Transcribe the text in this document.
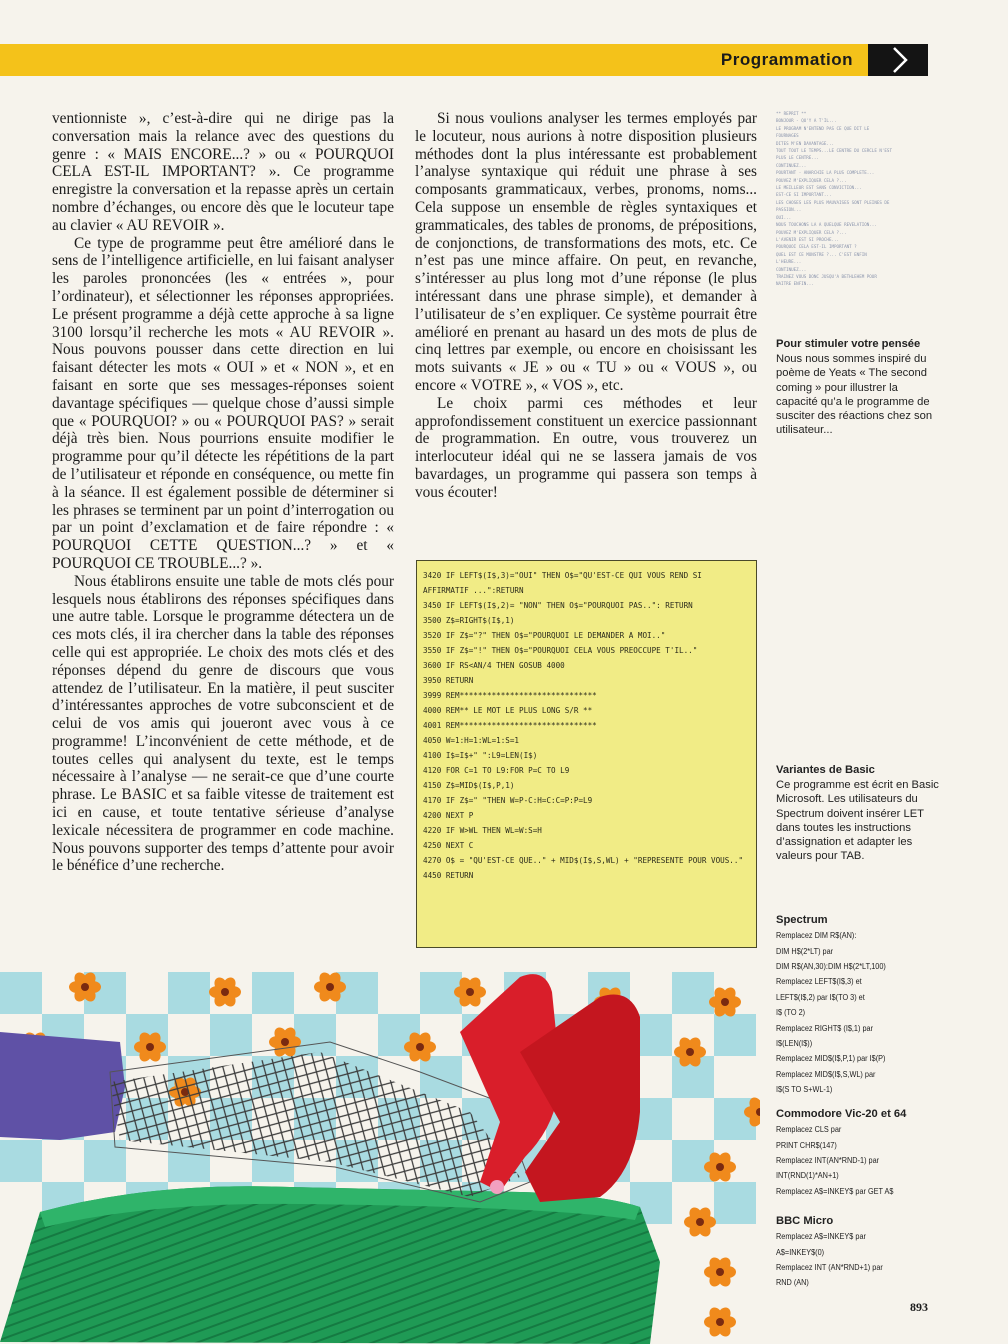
Programmation

ventionniste », c’est-à-dire qui ne dirige pas la conversation mais la relance avec des questions du genre : « MAIS ENCORE...? » ou « POURQUOI CELA EST-IL IMPORTANT? ». Ce programme enregistre la conversation et la repasse après un certain nombre d’échanges, ou encore dès que le locuteur tape au clavier « AU REVOIR ».

Ce type de programme peut être amélioré dans le sens de l’intelligence artificielle, en lui faisant analyser les paroles prononcées (les « entrées », pour l’ordinateur), et sélectionner les réponses appropriées. Le présent programme a déjà cette approche à sa ligne 3100 lorsqu’il recherche les mots « AU REVOIR ». Nous pouvons pousser dans cette direction en lui faisant détecter les mots « OUI » et « NON », et en faisant en sorte que ses messages-réponses soient davantage spécifiques — quelque chose d’aussi simple que « POURQUOI? » ou « POURQUOI PAS? » serait déjà très bien. Nous pourrions ensuite modifier le programme pour qu’il détecte les répétitions de la part de l’utilisateur et réponde en conséquence, ou mette fin à la séance. Il est également possible de déterminer si les phrases se terminent par un point d’interrogation ou par un point d’exclamation et de faire répondre : « POURQUOI CETTE QUESTION...? » et « POURQUOI CE TROUBLE...? ».

Nous établirons ensuite une table de mots clés pour lesquels nous établirons des réponses spécifiques dans une autre table. Lorsque le programme détectera un de ces mots clés, il ira chercher dans la table des réponses celle qui est appropriée. Le choix des mots clés et des réponses dépend du genre de discours que vous attendez de l’utilisateur. En la matière, il peut susciter d’intéressantes approches de votre subconscient et de celui de vos amis qui joueront avec vous à ce programme! L’inconvénient de cette méthode, et de toutes celles qui analysent du texte, est le temps nécessaire à l’analyse — ne serait-ce que d’une courte phrase. Le BASIC et sa faible vitesse de traitement est ici en cause, et toute tentative sérieuse d’analyse lexicale nécessitera de programmer en code machine. Nous pouvons supporter des temps d’attente pour avoir le bénéfice d’une recherche.

Si nous voulions analyser les termes employés par le locuteur, nous aurions à notre disposition plusieurs méthodes dont la plus intéressante est probablement l’analyse syntaxique qui réduit une phrase à ses composants grammaticaux, verbes, pronoms, noms... Cela suppose un ensemble de règles syntaxiques et grammaticales, des tables de pronoms, de prépositions, de conjonctions, de transformations des mots, etc. Ce n’est pas une mince affaire. On peut, en revanche, s’intéresser au plus long mot d’une réponse (le plus intéressant dans une phrase simple), et demander à l’utilisateur de s’en expliquer. Ce système pourrait être amélioré en prenant au hasard un des mots de plus de cinq lettres par exemple, ou encore en choisissant les mots suivants « JE » ou « TU » ou « VOUS », ou encore « VOTRE », « VOS », etc.

Le choix parmi ces méthodes et leur approfondissement constituent un exercice passionnant de programmation. En outre, vous trouverez un interlocuteur idéal qui ne se lassera jamais de vos bavardages, un programme qui passera son temps à vous écouter!

3420 IF LEFT$(I$,3)="OUI" THEN O$="QU'EST-CE QUI VOUS REND SI AFFIRMATIF ...":RETURN
3450 IF LEFT$(I$,2)= "NON" THEN O$="POURQUOI PAS..": RETURN
3500 Z$=RIGHT$(I$,1)
3520 IF Z$="?" THEN O$="POURQUOI LE DEMANDER A MOI.."
3550 IF Z$="!" THEN O$="POURQUOI CELA VOUS PREOCCUPE T'IL.."
3600 IF RS<AN/4 THEN GOSUB 4000
3950 RETURN
3999 REM******************************
4000 REM** LE MOT LE PLUS LONG S/R **
4001 REM******************************
4050 W=1:H=1:WL=1:S=1
4100 I$=I$+" ":L9=LEN(I$)
4120 FOR C=1 TO L9:FOR P=C TO L9
4150 Z$=MID$(I$,P,1)
4170 IF Z$=" "THEN W=P-C:H=C:C=P:P=L9
4200 NEXT P
4220 IF W>WL THEN WL=W:S=H
4250 NEXT C
4270 O$ = "QU'EST-CE QUE.." + MID$(I$,S,WL) + "REPRESENTE POUR VOUS.."
4450 RETURN
** REPRIT **
BONJOUR - QU'Y A T'IL...
LE PROGRAM N'ENTEND PAS CE QUE DIT LE
FOURNAGES
DITES M'EN DAVANTAGE...
TOUT TOUT LE TEMPS...LE CENTRE DU CERCLE N'EST
PLUS LE CENTRE...
CONTINUEZ...
POURTANT - ANARCHIE LA PLUS COMPLETE...
POUVEZ M'EXPLIQUER CELA ?...
LE MEILLEUR EST SANS CONVICTION...
EST-CE SI IMPORTANT...
LES CHOSES LES PLUS MAUVAISES SONT PLEINES DE
PASSION...
OUI...
NOUS TOUCHONS LA A QUELQUE REVELATION...
POUVEZ M'EXPLIQUER CELA ?...
L'AVENIR EST SI PROCHE...
POURQUOI CELA EST-IL IMPORTANT ?
QUEL EST CE MONSTRE ?... C'EST ENFIN
L'HEURE...
CONTINUEZ...
TRAINEZ VOUS DONC JUSQU'A BETHLEHEM POUR
NAITRE ENFIN...
Pour stimuler votre pensée
Nous nous sommes inspiré du poème de Yeats « The second coming » pour illustrer la capacité qu’a le programme de susciter des réactions chez son utilisateur...
Variantes de Basic
Ce programme est écrit en Basic Microsoft. Les utilisateurs du Spectrum doivent insérer LET dans toutes les instructions d’assignation et adapter les valeurs pour TAB.
Spectrum
Remplacez DIM R$(AN):
DIM H$(2*LT) par
DIM R$(AN,30):DIM H$(2*LT,100)
Remplacez LEFT$(I$,3) et
LEFT$(I$,2) par I$(TO 3) et
I$ (TO 2)
Remplacez RIGHT$ (I$,1) par
I$(LEN(I$))
Remplacez MID$(I$,P,1) par I$(P)
Remplacez MID$(I$,S,WL) par
I$(S TO S+WL-1)
Commodore Vic-20 et 64
Remplacez CLS par
PRINT CHR$(147)
Remplacez INT(AN*RND-1) par
INT(RND(1)*AN+1)
Remplacez A$=INKEY$ par GET A$
BBC Micro
Remplacez A$=INKEY$ par
A$=INKEY$(0)
Remplacez INT (AN*RND+1) par
RND (AN)
893
